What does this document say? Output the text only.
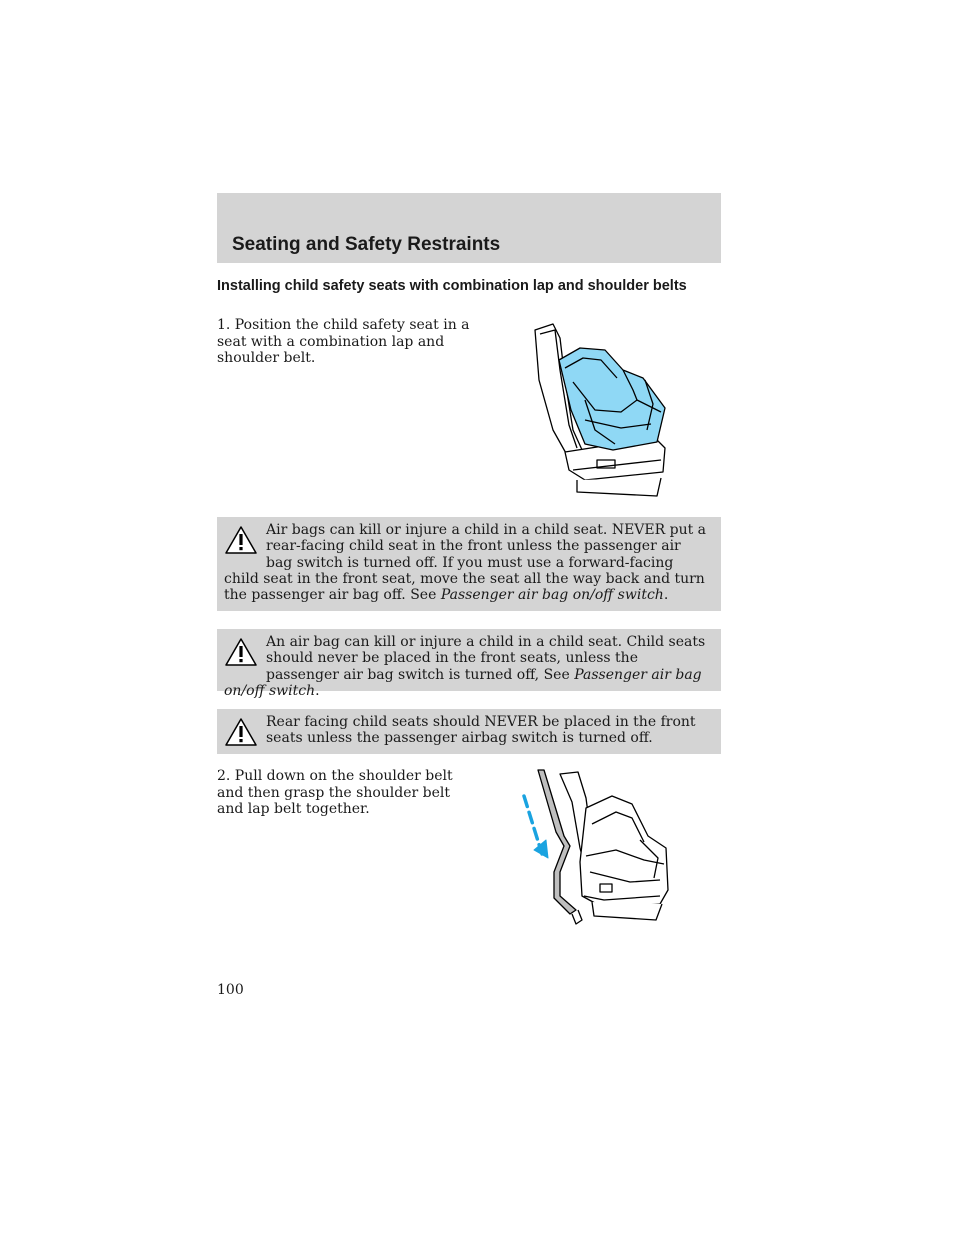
Seating and Safety Restraints
Installing child safety seats with combination lap and shoulder belts

1. Position the child safety seat in a seat with a combination lap and shoulder belt.

Air bags can kill or injure a child in a child seat. NEVER put a rear-facing child seat in the front unless the passenger air bag switch is turned off. If you must use a forward-facing child seat in the front seat, move the seat all the way back and turn the passenger air bag off. See Passenger air bag on/off switch.
An air bag can kill or injure a child in a child seat. Child seats should never be placed in the front seats, unless the passenger air bag switch is turned off, See Passenger air bag on/off switch.
Rear facing child seats should NEVER be placed in the front seats unless the passenger airbag switch is turned off.

2. Pull down on the shoulder belt and then grasp the shoulder belt and lap belt together.

100
